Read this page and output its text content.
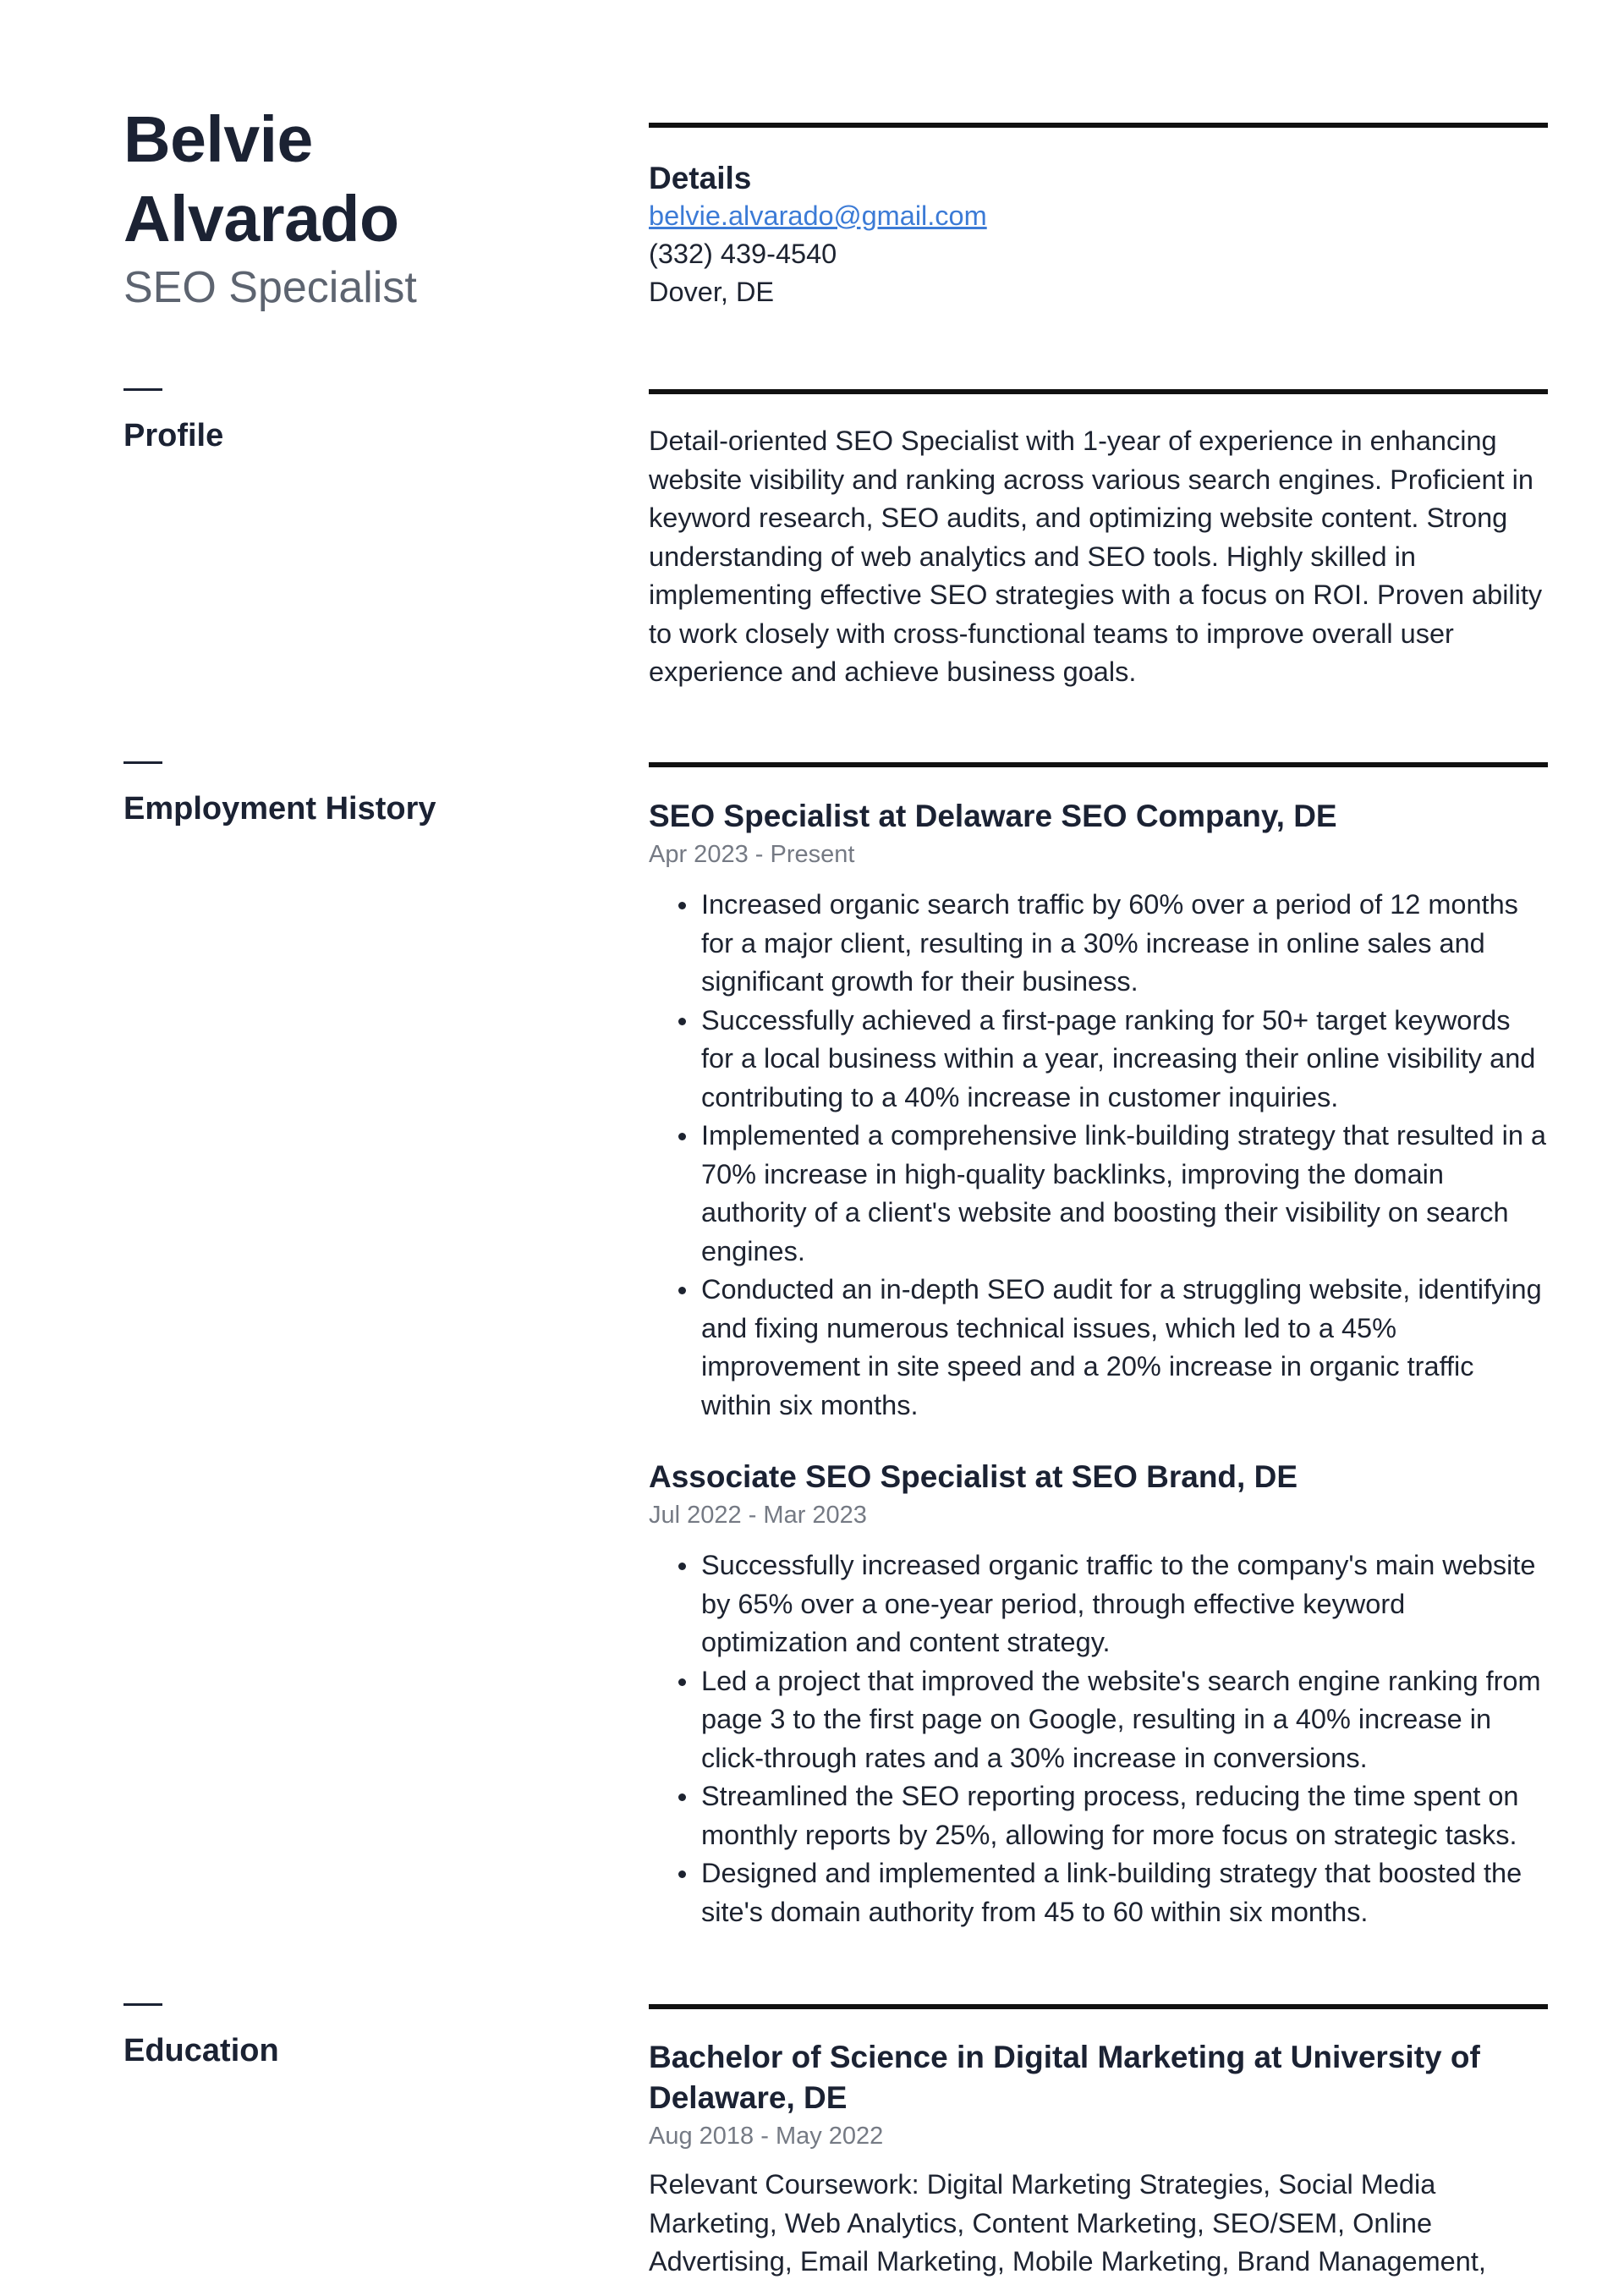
Belvie
Alvarado
SEO Specialist
Details
belvie.alvarado@gmail.com
(332) 439-4540
Dover, DE
Profile	Detail-oriented SEO Specialist with 1-year of experience in enhancing website visibility and ranking across various search engines. Proficient in keyword research, SEO audits, and optimizing website content. Strong understanding of web analytics and SEO tools. Highly skilled in implementing effective SEO strategies with a focus on ROI. Proven ability to work closely with cross-functional teams to improve overall user experience and achieve business goals.
Employment History	SEO Specialist at Delaware SEO Company, DE
Apr 2023 - Present
Increased organic search traffic by 60% over a period of 12 months for a major client, resulting in a 30% increase in online sales and significant growth for their business.
Successfully achieved a first-page ranking for 50+ target keywords for a local business within a year, increasing their online visibility and contributing to a 40% increase in customer inquiries.
Implemented a comprehensive link-building strategy that resulted in a 70% increase in high-quality backlinks, improving the domain authority of a client's website and boosting their visibility on search engines.
Conducted an in-depth SEO audit for a struggling website, identifying and fixing numerous technical issues, which led to a 45% improvement in site speed and a 20% increase in organic traffic within six months.
Associate SEO Specialist at SEO Brand, DE
Jul 2022 - Mar 2023
Successfully increased organic traffic to the company's main website by 65% over a one-year period, through effective keyword optimization and content strategy.
Led a project that improved the website's search engine ranking from page 3 to the first page on Google, resulting in a 40% increase in click-through rates and a 30% increase in conversions.
Streamlined the SEO reporting process, reducing the time spent on monthly reports by 25%, allowing for more focus on strategic tasks.
Designed and implemented a link-building strategy that boosted the site's domain authority from 45 to 60 within six months.
Education	Bachelor of Science in Digital Marketing at University of Delaware, DE
Aug 2018 - May 2022
Relevant Coursework: Digital Marketing Strategies, Social Media Marketing, Web Analytics, Content Marketing, SEO/SEM, Online Advertising, Email Marketing, Mobile Marketing, Brand Management,
